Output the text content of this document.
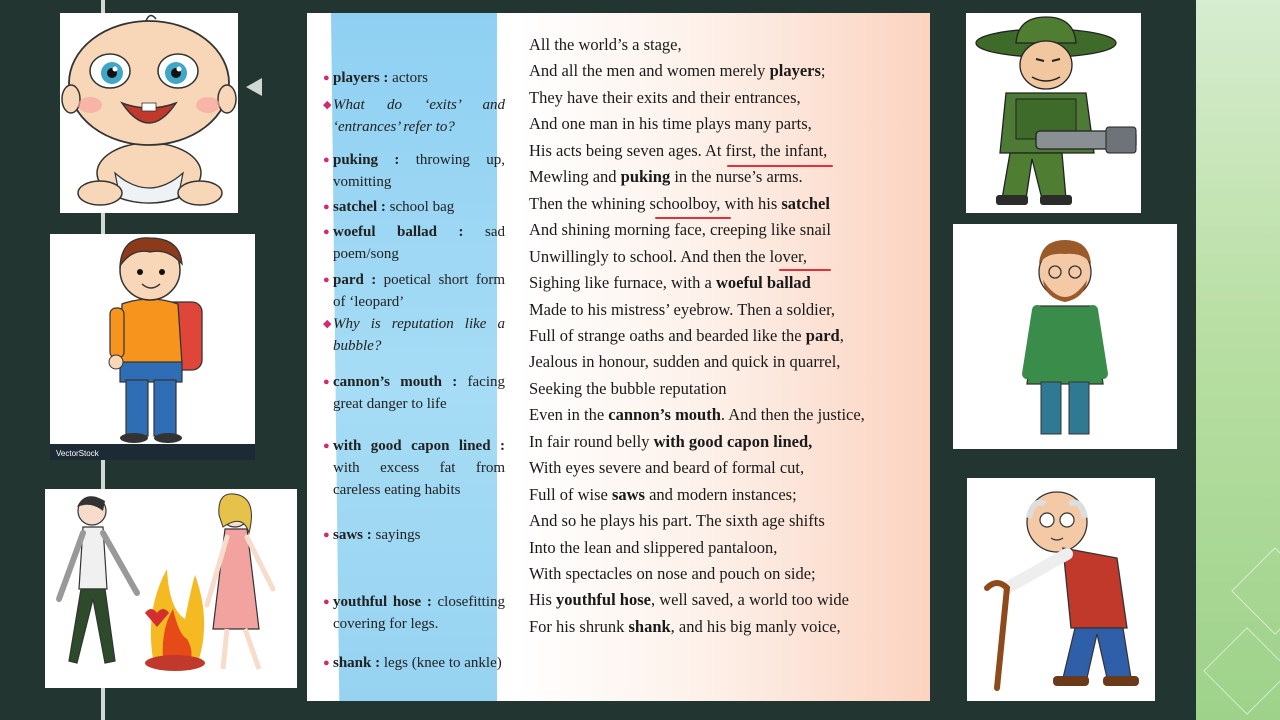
VectorStock
● players : actors
◆ What do ‘exits’ and ‘entrances’ refer to?
● puking : throwing up, vomitting
● satchel : school bag
● woeful ballad : sad poem/song
● pard : poetical short form of ‘leopard’
◆ Why is reputation like a bubble?
● cannon’s mouth : facing great danger to life
● with good capon lined : with excess fat from careless eating habits
● saws : sayings
● youthful hose : closefitting covering for legs.
● shank : legs (knee to ankle)
All the world’s a stage,
And all the men and women merely players;
They have their exits and their entrances,
And one man in his time plays many parts,
His acts being seven ages. At first, the infant,
Mewling and puking in the nurse’s arms.
Then the whining schoolboy, with his satchel
And shining morning face, creeping like snail
Unwillingly to school. And then the lover,
Sighing like furnace, with a woeful ballad
Made to his mistress’ eyebrow. Then a soldier,
Full of strange oaths and bearded like the pard,
Jealous in honour, sudden and quick in quarrel,
Seeking the bubble reputation
Even in the cannon’s mouth. And then the justice,
In fair round belly with good capon lined,
With eyes severe and beard of formal cut,
Full of wise saws and modern instances;
And so he plays his part. The sixth age shifts
Into the lean and slippered pantaloon,
With spectacles on nose and pouch on side;
His youthful hose, well saved, a world too wide
For his shrunk shank, and his big manly voice,
